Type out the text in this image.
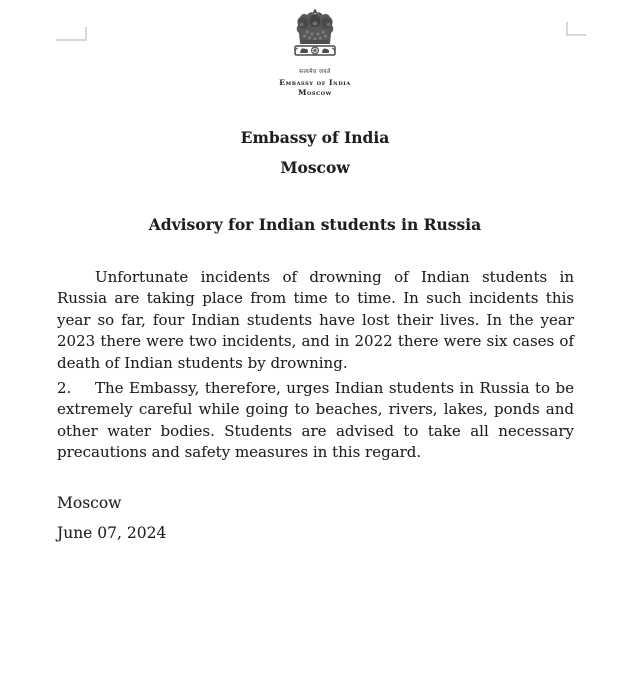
सत्यमेव जयते
Embassy of India
Moscow
Embassy of India
Moscow
Advisory for Indian students in Russia

Unfortunate incidents of drowning of Indian students in Russia are taking place from time to time. In such incidents this year so far, four Indian students have lost their lives. In the year 2023 there were two incidents, and in 2022 there were six cases of death of Indian students by drowning.

2. The Embassy, therefore, urges Indian students in Russia to be extremely careful while going to beaches, rivers, lakes, ponds and other water bodies. Students are advised to take all necessary precautions and safety measures in this regard.

Moscow

June 07, 2024
